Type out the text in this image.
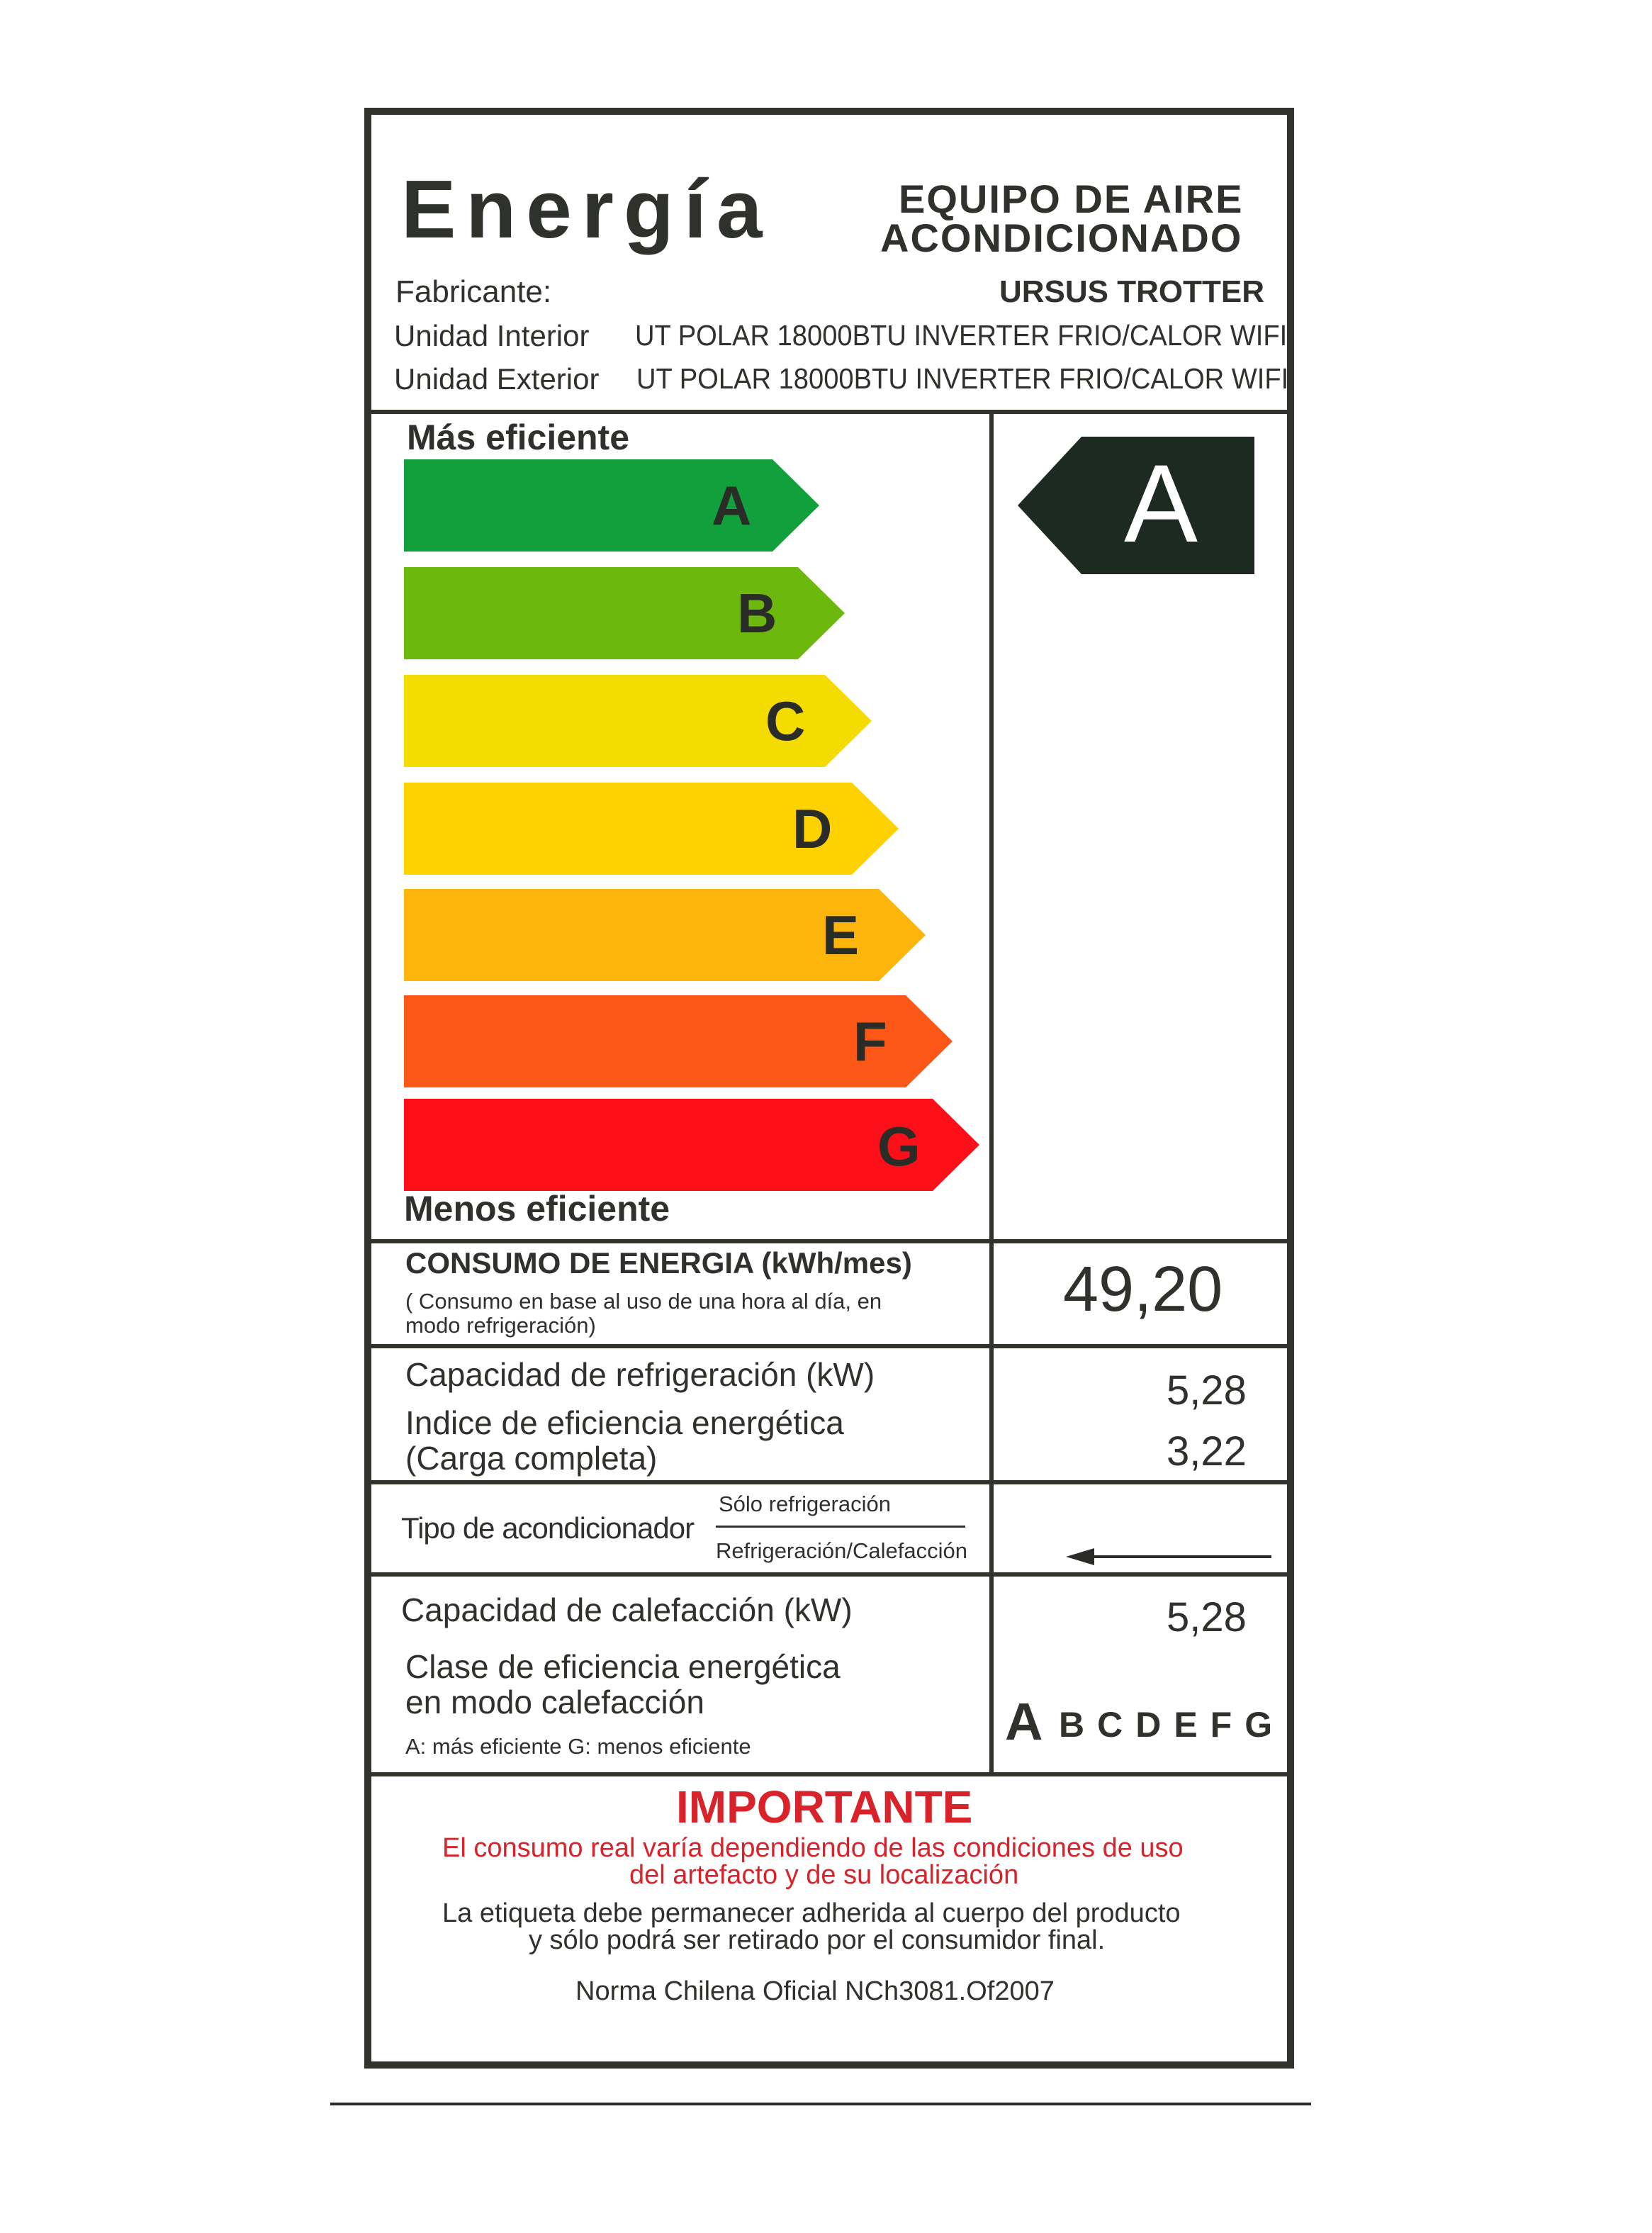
Energía	EQUIPO DE AIRE
ACONDICIONADO
Fabricante:	URSUS TROTTER
Unidad Interior UT POLAR 18000BTU INVERTER FRIO/CALOR WIFI
Unidad Exterior UT POLAR 18000BTU INVERTER FRIO/CALOR WIFI
Más eficiente
A
B
C
D
E
F
G
Menos eficiente
A
CONSUMO DE ENERGIA (kWh/mes)
( Consumo en base al uso de una hora al día, en
modo refrigeración)
49,20
Capacidad de refrigeración (kW)	5,28
Indice de eficiencia energética
(Carga completa)	3,22
Tipo de acondicionador
Sólo refrigeración
Refrigeración/Calefacción
Capacidad de calefacción (kW)	5,28
Clase de eficiencia energética
en modo calefacción
A: más eficiente G: menos eficiente	A BCDEFG
IMPORTANTE
El consumo real varía dependiendo de las condiciones de uso
del artefacto y de su localización
La etiqueta debe permanecer adherida al cuerpo del producto
y sólo podrá ser retirado por el consumidor final.
Norma Chilena Oficial NCh3081.Of2007
